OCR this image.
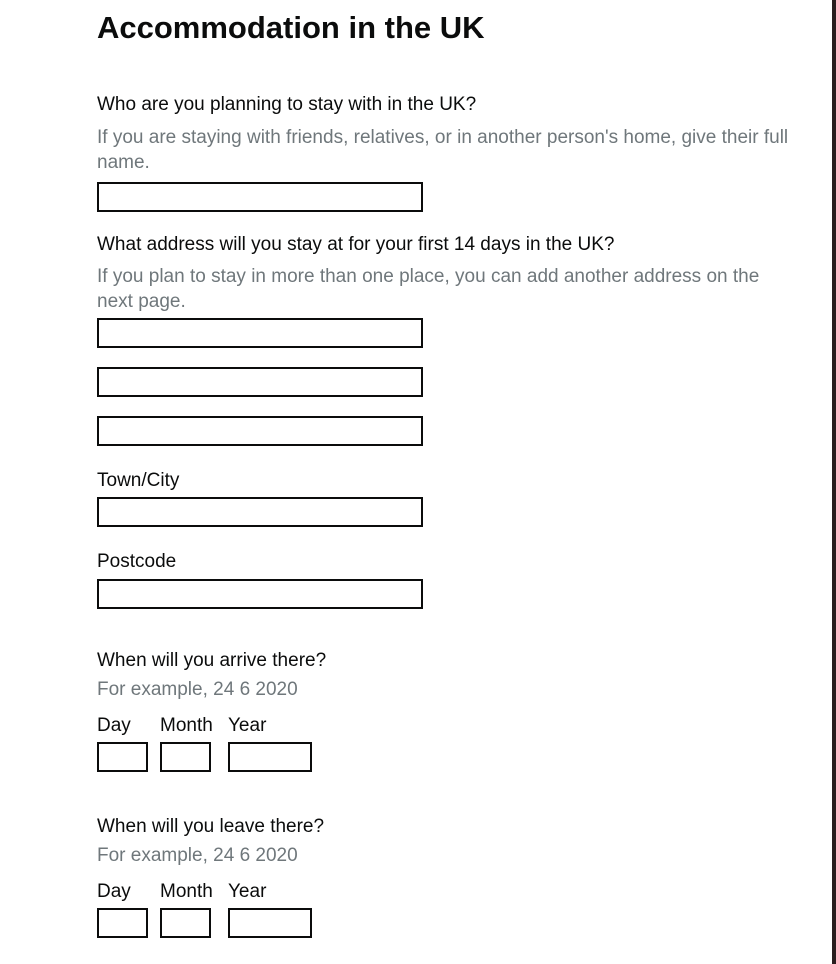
Accommodation in the UK
Who are you planning to stay with in the UK?

If you are staying with friends, relatives, or in another person's home, give their full name.

What address will you stay at for your first 14 days in the UK?

If you plan to stay in more than one place, you can add another address on the next page.

Town/City
Postcode
When will you arrive there?

For example, 24 6 2020

Day	Month Year
When will you leave there?

For example, 24 6 2020

Day	Month Year
